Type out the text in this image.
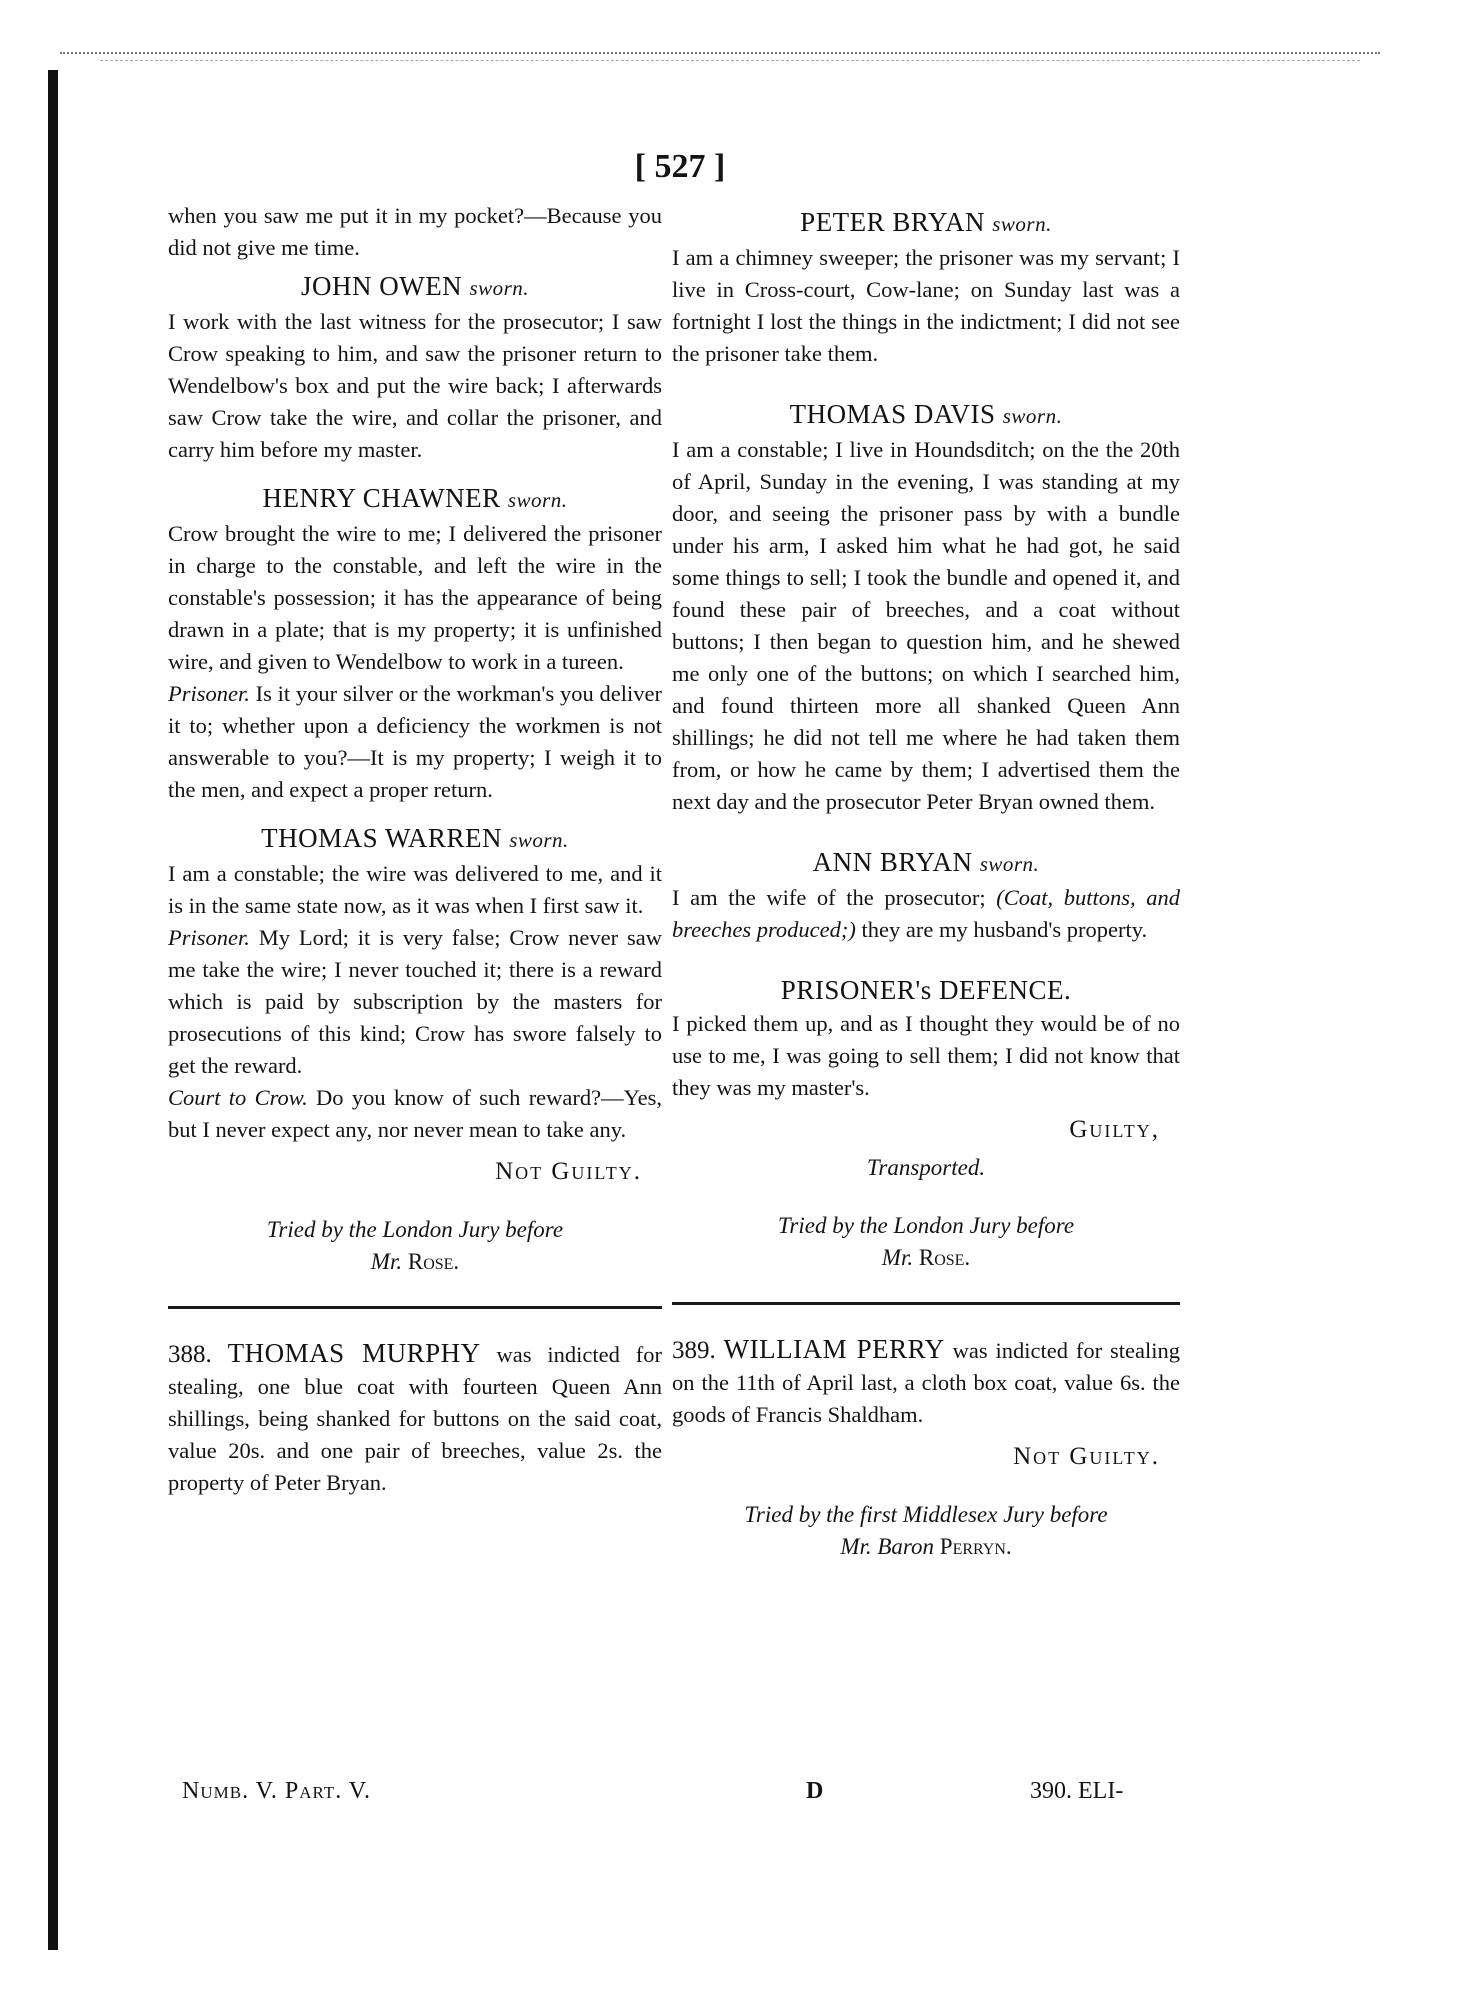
[ 527 ]

when you saw me put it in my pocket?—Because you did not give me time.

JOHN OWEN sworn.

I work with the last witness for the prosecutor; I saw Crow speaking to him, and saw the prisoner return to Wendelbow's box and put the wire back; I afterwards saw Crow take the wire, and collar the prisoner, and carry him before my master.

HENRY CHAWNER sworn.

Crow brought the wire to me; I delivered the prisoner in charge to the constable, and left the wire in the constable's possession; it has the appearance of being drawn in a plate; that is my property; it is unfinished wire, and given to Wendelbow to work in a tureen.

Prisoner. Is it your silver or the workman's you deliver it to; whether upon a deficiency the workmen is not answerable to you?—It is my property; I weigh it to the men, and expect a proper return.

THOMAS WARREN sworn.

I am a constable; the wire was delivered to me, and it is in the same state now, as it was when I first saw it.

Prisoner. My Lord; it is very false; Crow never saw me take the wire; I never touched it; there is a reward which is paid by subscription by the masters for prosecutions of this kind; Crow has swore falsely to get the reward.

Court to Crow. Do you know of such reward?—Yes, but I never expect any, nor never mean to take any.

Not Guilty.
Tried by the London Jury before
Mr. Rose.

388. THOMAS MURPHY was indicted for stealing, one blue coat with fourteen Queen Ann shillings, being shanked for buttons on the said coat, value 20s. and one pair of breeches, value 2s. the property of Peter Bryan.

PETER BRYAN sworn.

I am a chimney sweeper; the prisoner was my servant; I live in Cross-court, Cow-lane; on Sunday last was a fortnight I lost the things in the indictment; I did not see the prisoner take them.

THOMAS DAVIS sworn.

I am a constable; I live in Houndsditch; on the the 20th of April, Sunday in the evening, I was standing at my door, and seeing the prisoner pass by with a bundle under his arm, I asked him what he had got, he said some things to sell; I took the bundle and opened it, and found these pair of breeches, and a coat without buttons; I then began to question him, and he shewed me only one of the buttons; on which I searched him, and found thirteen more all shanked Queen Ann shillings; he did not tell me where he had taken them from, or how he came by them; I advertised them the next day and the prosecutor Peter Bryan owned them.

ANN BRYAN sworn.

I am the wife of the prosecutor; (Coat, buttons, and breeches produced;) they are my husband's property.

PRISONER's DEFENCE.

I picked them up, and as I thought they would be of no use to me, I was going to sell them; I did not know that they was my master's.

Guilty,
Transported.
Tried by the London Jury before
Mr. Rose.

389. WILLIAM PERRY was indicted for stealing on the 11th of April last, a cloth box coat, value 6s. the goods of Francis Shaldham.

Not Guilty.
Tried by the first Middlesex Jury before
Mr. Baron Perryn.
Numb. V. Part. V.	D	390. ELI-
